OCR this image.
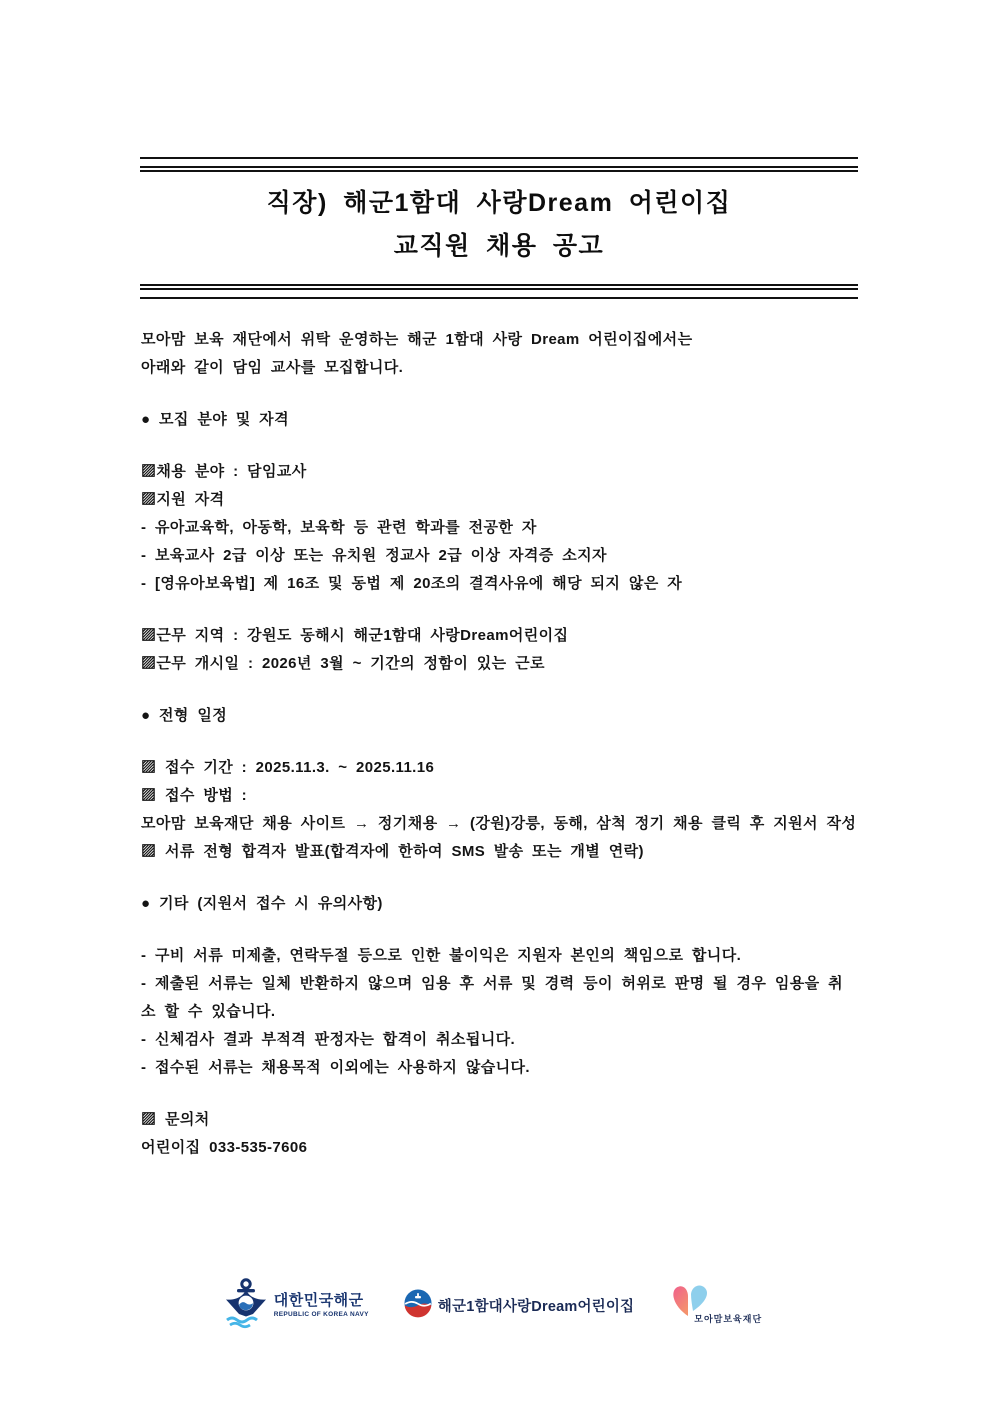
직장) 해군1함대 사랑Dream 어린이집
교직원 채용 공고

모아맘 보육 재단에서 위탁 운영하는 해군 1함대 사랑 Dream 어린이집에서는

아래와 같이 담임 교사를 모집합니다.

● 모집 분야 및 자격

▨채용 분야 : 담임교사

▨지원 자격

- 유아교육학, 아동학, 보육학 등 관련 학과를 전공한 자

- 보육교사 2급 이상 또는 유치원 정교사 2급 이상 자격증 소지자

- [영유아보육법] 제 16조 및 동법 제 20조의 결격사유에 해당 되지 않은 자

▨근무 지역 : 강원도 동해시 해군1함대 사랑Dream어린이집

▨근무 개시일 : 2026년 3월 ~ 기간의 정함이 있는 근로

● 전형 일정

▨ 접수 기간 : 2025.11.3. ~ 2025.11.16

▨ 접수 방법 :

모아맘 보육재단 채용 사이트 → 정기채용 → (강원)강릉, 동해, 삼척 정기 채용 클릭 후 지원서 작성

▨ 서류 전형 합격자 발표(합격자에 한하여 SMS 발송 또는 개별 연락)

● 기타 (지원서 접수 시 유의사항)

- 구비 서류 미제출, 연락두절 등으로 인한 불이익은 지원자 본인의 책임으로 합니다.

- 제출된 서류는 일체 반환하지 않으며 임용 후 서류 및 경력 등이 허위로 판명 될 경우 임용을 취

소 할 수 있습니다.

- 신체검사 결과 부적격 판정자는 합격이 취소됩니다.

- 접수된 서류는 채용목적 이외에는 사용하지 않습니다.

▨ 문의처

어린이집 033-535-7606

대한민국해군
REPUBLIC OF KOREA NAVY	해군1함대사랑Dream어린이집
모아맘보육재단
